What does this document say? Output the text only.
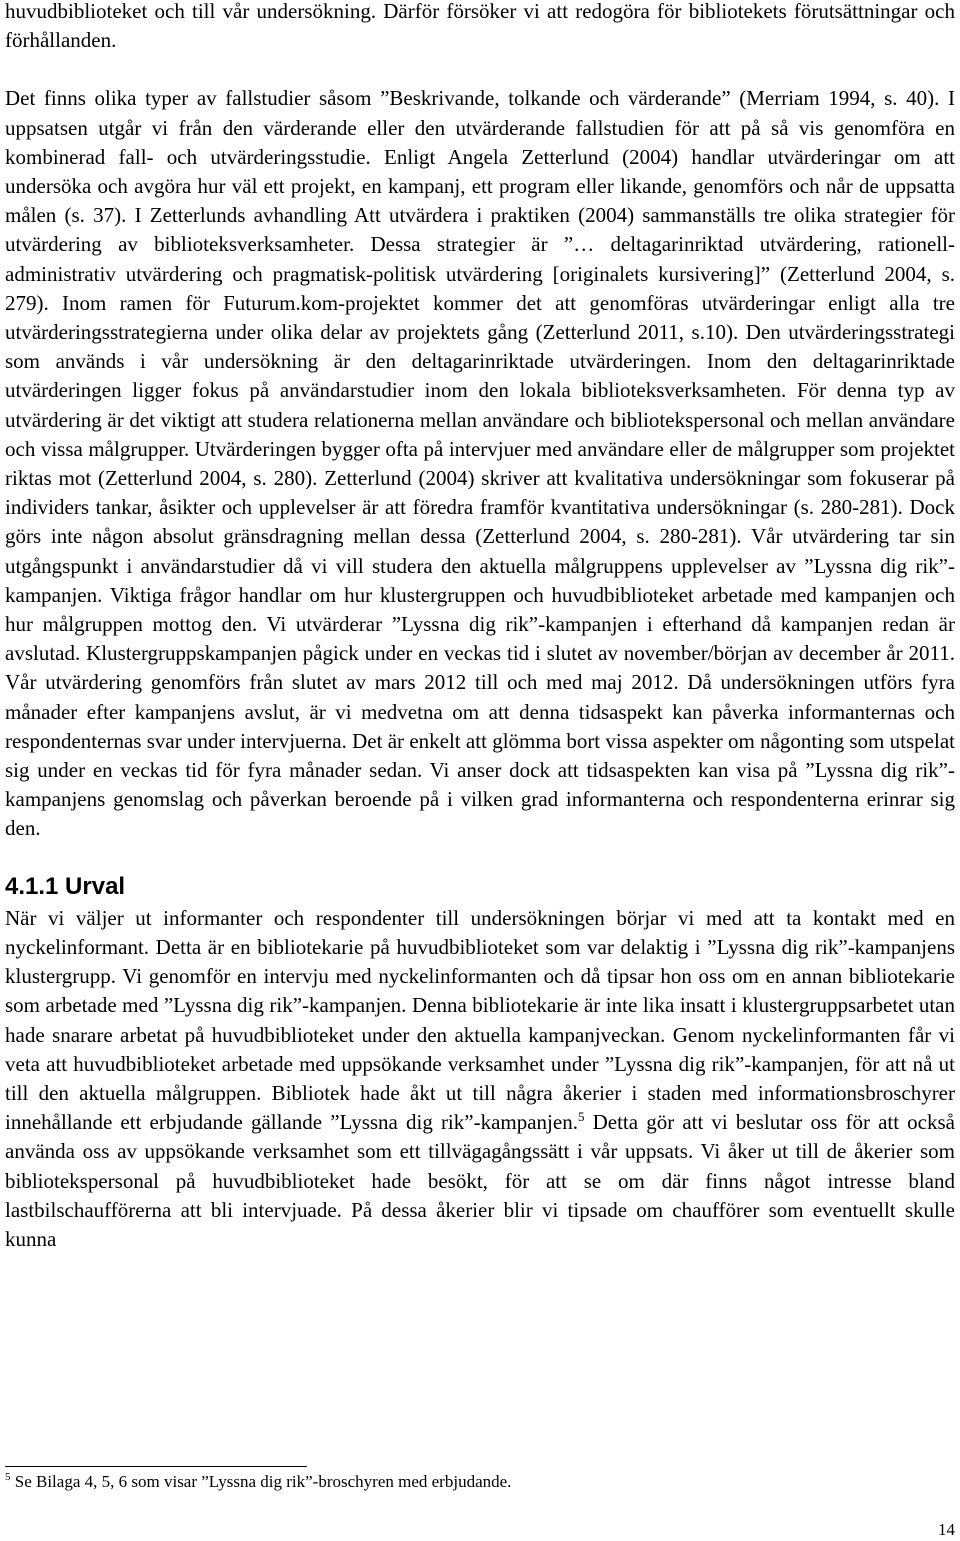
huvudbiblioteket och till vår undersökning. Därför försöker vi att redogöra för bibliotekets förutsättningar och förhållanden.

Det finns olika typer av fallstudier såsom ”Beskrivande, tolkande och värderande” (Merriam 1994, s. 40). I uppsatsen utgår vi från den värderande eller den utvärderande fallstudien för att på så vis genomföra en kombinerad fall- och utvärderingsstudie. Enligt Angela Zetterlund (2004) handlar utvärderingar om att undersöka och avgöra hur väl ett projekt, en kampanj, ett program eller likande, genomförs och når de uppsatta målen (s. 37). I Zetterlunds avhandling Att utvärdera i praktiken (2004) sammanställs tre olika strategier för utvärdering av biblioteksverksamheter. Dessa strategier är ”… deltagarinriktad utvärdering, rationell-administrativ utvärdering och pragmatisk-politisk utvärdering [originalets kursivering]” (Zetterlund 2004, s. 279). Inom ramen för Futurum.kom-projektet kommer det att genomföras utvärderingar enligt alla tre utvärderingsstrategierna under olika delar av projektets gång (Zetterlund 2011, s.10). Den utvärderingsstrategi som används i vår undersökning är den deltagarinriktade utvärderingen. Inom den deltagarinriktade utvärderingen ligger fokus på användarstudier inom den lokala biblioteksverksamheten. För denna typ av utvärdering är det viktigt att studera relationerna mellan användare och bibliotekspersonal och mellan användare och vissa målgrupper. Utvärderingen bygger ofta på intervjuer med användare eller de målgrupper som projektet riktas mot (Zetterlund 2004, s. 280). Zetterlund (2004) skriver att kvalitativa undersökningar som fokuserar på individers tankar, åsikter och upplevelser är att föredra framför kvantitativa undersökningar (s. 280-281). Dock görs inte någon absolut gränsdragning mellan dessa (Zetterlund 2004, s. 280-281). Vår utvärdering tar sin utgångspunkt i användarstudier då vi vill studera den aktuella målgruppens upplevelser av ”Lyssna dig rik”-kampanjen. Viktiga frågor handlar om hur klustergruppen och huvudbiblioteket arbetade med kampanjen och hur målgruppen mottog den. Vi utvärderar ”Lyssna dig rik”-kampanjen i efterhand då kampanjen redan är avslutad. Klustergruppskampanjen pågick under en veckas tid i slutet av november/början av december år 2011. Vår utvärdering genomförs från slutet av mars 2012 till och med maj 2012. Då undersökningen utförs fyra månader efter kampanjens avslut, är vi medvetna om att denna tidsaspekt kan påverka informanternas och respondenternas svar under intervjuerna. Det är enkelt att glömma bort vissa aspekter om någonting som utspelat sig under en veckas tid för fyra månader sedan. Vi anser dock att tidsaspekten kan visa på ”Lyssna dig rik”-kampanjens genomslag och påverkan beroende på i vilken grad informanterna och respondenterna erinrar sig den.

4.1.1 Urval

När vi väljer ut informanter och respondenter till undersökningen börjar vi med att ta kontakt med en nyckelinformant. Detta är en bibliotekarie på huvudbiblioteket som var delaktig i ”Lyssna dig rik”-kampanjens klustergrupp. Vi genomför en intervju med nyckelinformanten och då tipsar hon oss om en annan bibliotekarie som arbetade med ”Lyssna dig rik”-kampanjen. Denna bibliotekarie är inte lika insatt i klustergruppsarbetet utan hade snarare arbetat på huvudbiblioteket under den aktuella kampanjveckan. Genom nyckelinformanten får vi veta att huvudbiblioteket arbetade med uppsökande verksamhet under ”Lyssna dig rik”-kampanjen, för att nå ut till den aktuella målgruppen. Bibliotek hade åkt ut till några åkerier i staden med informationsbroschyrer innehållande ett erbjudande gällande ”Lyssna dig rik”-kampanjen.$^5$ Detta gör att vi beslutar oss för att också använda oss av uppsökande verksamhet som ett tillvägagångssätt i vår uppsats. Vi åker ut till de åkerier som bibliotekspersonal på huvudbiblioteket hade besökt, för att se om där finns något intresse bland lastbilschaufförerna att bli intervjuade. På dessa åkerier blir vi tipsade om chaufförer som eventuellt skulle kunna

$^5$ Se Bilaga 4, 5, 6 som visar ”Lyssna dig rik”-broschyren med erbjudande.
14
